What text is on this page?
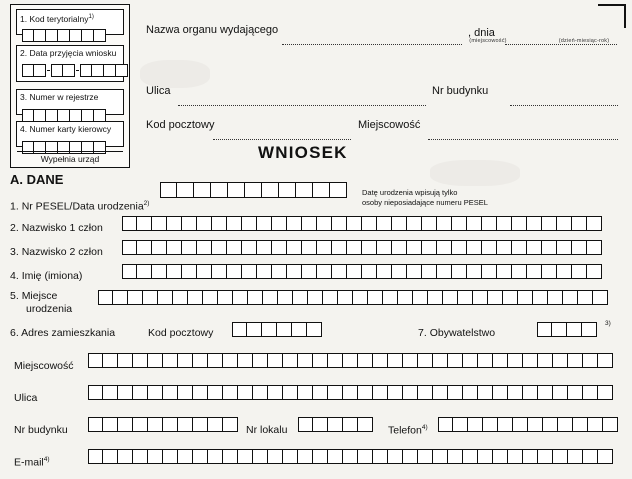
1. Kod terytorialny$^{1)}$
2. Data przyjęcia wniosku
3. Numer w rejestrze
4. Numer karty kierowcy
Wypełnia urząd
Nazwa organu wydającego	, dnia
(miejscowość)	(dzień-miesiąc-rok)
Ulica	Nr budynku
Kod pocztowy	Miejscowość
WNIOSEK
A. DANE
1. Nr PESEL/Data urodzenia$^{2)}$
Datę urodzenia wpisują tylko
osoby nieposiadające numeru PESEL
2. Nazwisko 1 człon
3. Nazwisko 2 człon
4. Imię (imiona)
5. Miejsce
urodzenia
6. Adres zamieszkania	Kod pocztowy	7. Obywatelstwo
3)
Miejscowość
Ulica
Nr budynku	Nr lokalu	Telefon$^{4)}$
E-mail$^{4)}$
